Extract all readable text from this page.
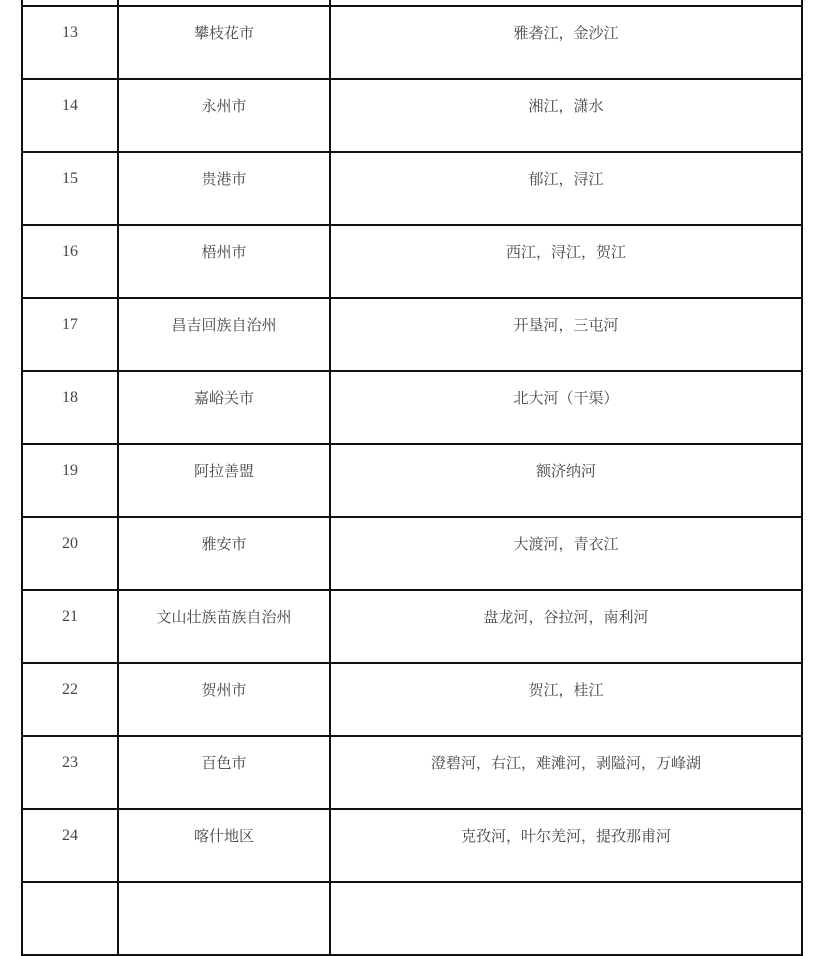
13	攀枝花市	雅砻江，金沙江
14	永州市	湘江，潇水
15	贵港市	郁江，浔江
16	梧州市	西江，浔江，贺江
17	昌吉回族自治州	开垦河，三屯河
18	嘉峪关市	北大河（干渠）
19	阿拉善盟	额济纳河
20	雅安市	大渡河，青衣江
21	文山壮族苗族自治州	盘龙河，谷拉河，南利河
22	贺州市	贺江，桂江
23	百色市	澄碧河，右江，难滩河，剥隘河，万峰湖
24	喀什地区	克孜河，叶尔羌河，提孜那甫河
